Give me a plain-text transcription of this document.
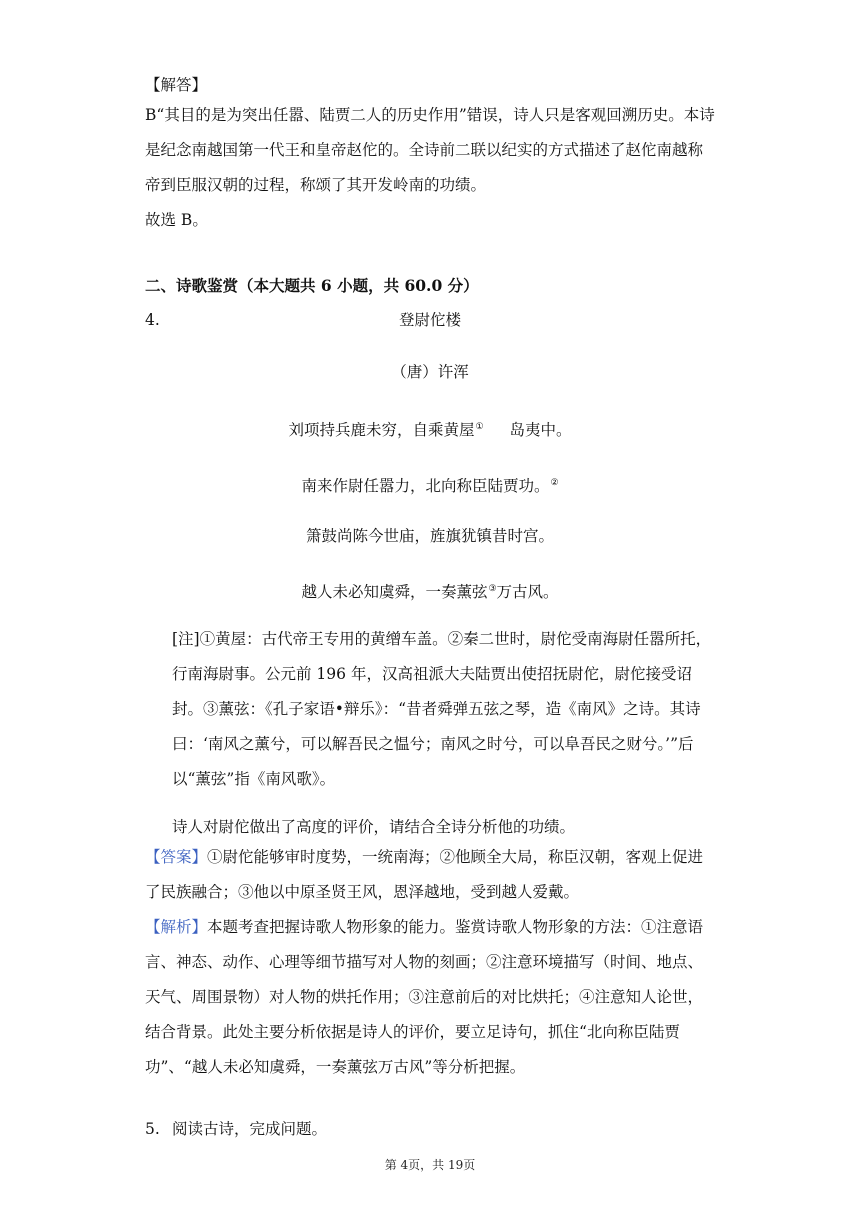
【解答】
B“其目的是为突出任嚣、陆贾二人的历史作用”错误，诗人只是客观回溯历史。本诗是纪念南越国第一代王和皇帝赵佗的。全诗前二联以纪实的方式描述了赵佗南越称帝到臣服汉朝的过程，称颂了其开发岭南的功绩。
故选 B。
二、诗歌鉴赏（本大题共 6 小题，共 60.0 分）
4.	登尉佗楼
（唐）许浑
刘项持兵鹿未穷，自乘黄屋① 岛夷中。
南来作尉任嚣力，北向称臣陆贾功。②
箫鼓尚陈今世庙，旌旗犹镇昔时宫。
越人未必知虞舜，一奏薰弦③万古风。
[注]①黄屋：古代帝王专用的黄缯车盖。②秦二世时，尉佗受南海尉任嚣所托，行南海尉事。公元前 196 年，汉高祖派大夫陆贾出使招抚尉佗，尉佗接受诏封。③薰弦：《孔子家语•辩乐》：“昔者舜弹五弦之琴，造《南风》之诗。其诗曰：‘南风之薰兮，可以解吾民之愠兮；南风之时兮，可以阜吾民之财兮。’”后以“薰弦”指《南风歌》。
诗人对尉佗做出了高度的评价，请结合全诗分析他的功绩。
【答案】①尉佗能够审时度势，一统南海；②他顾全大局，称臣汉朝，客观上促进了民族融合；③他以中原圣贤王风，恩泽越地，受到越人爱戴。
【解析】本题考查把握诗歌人物形象的能力。鉴赏诗歌人物形象的方法：①注意语言、神态、动作、心理等细节描写对人物的刻画；②注意环境描写（时间、地点、天气、周围景物）对人物的烘托作用；③注意前后的对比烘托；④注意知人论世，结合背景。此处主要分析依据是诗人的评价，要立足诗句，抓住“北向称臣陆贾功”、“越人未必知虞舜，一奏薰弦万古风”等分析把握。
5. 阅读古诗，完成问题。
第 4页，共 19页
